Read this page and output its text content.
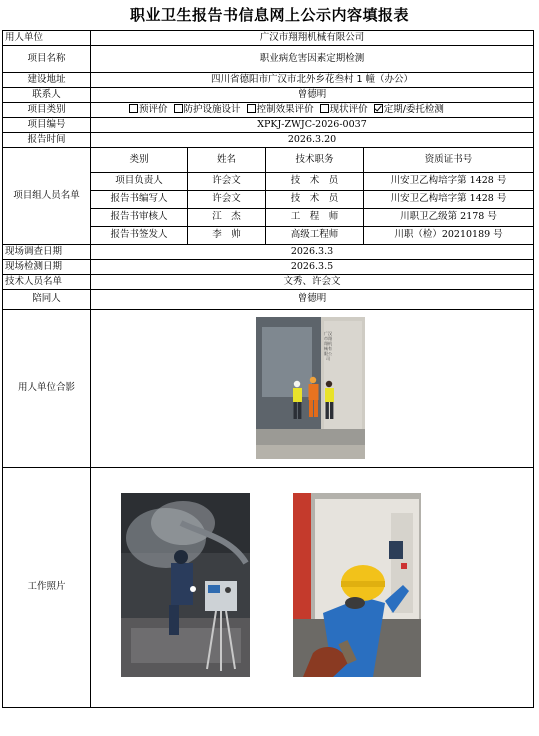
职业卫生报告书信息网上公示内容填报表
用人单位	广汉市翔翔机械有限公司			
项目名称	职业病危害因素定期检测			
建设地址	四川省德阳市广汉市北外乡花叁村 1 幢（办公）			
联系人	曾德明			
项目类别	预评价 防护设施设计 控制效果评价 现状评价 定期/委托检测			
项目编号	XPKJ-ZWJC-2026-0037			
报告时间	2026.3.20			
项目组人员名单	类别	姓名	技术职务	资质证书号
	项目负责人	许会文	技　术　员	川安卫乙构培字第 1428 号
	报告书编写人	许会文	技　术　员	川安卫乙构培字第 1428 号
	报告书审核人	江　杰	工　程　师	川职卫乙级第 2178 号
	报告书签发人	李　帅	高级工程师	川职（检）20210189 号
现场调查日期	2026.3.3			
现场检测日期	2026.3.5			
技术人员名单	文秀、许会文			
陪同人	曾德明			
用人单位合影	广汉市翔翔机械有限公司			

工作照片	
